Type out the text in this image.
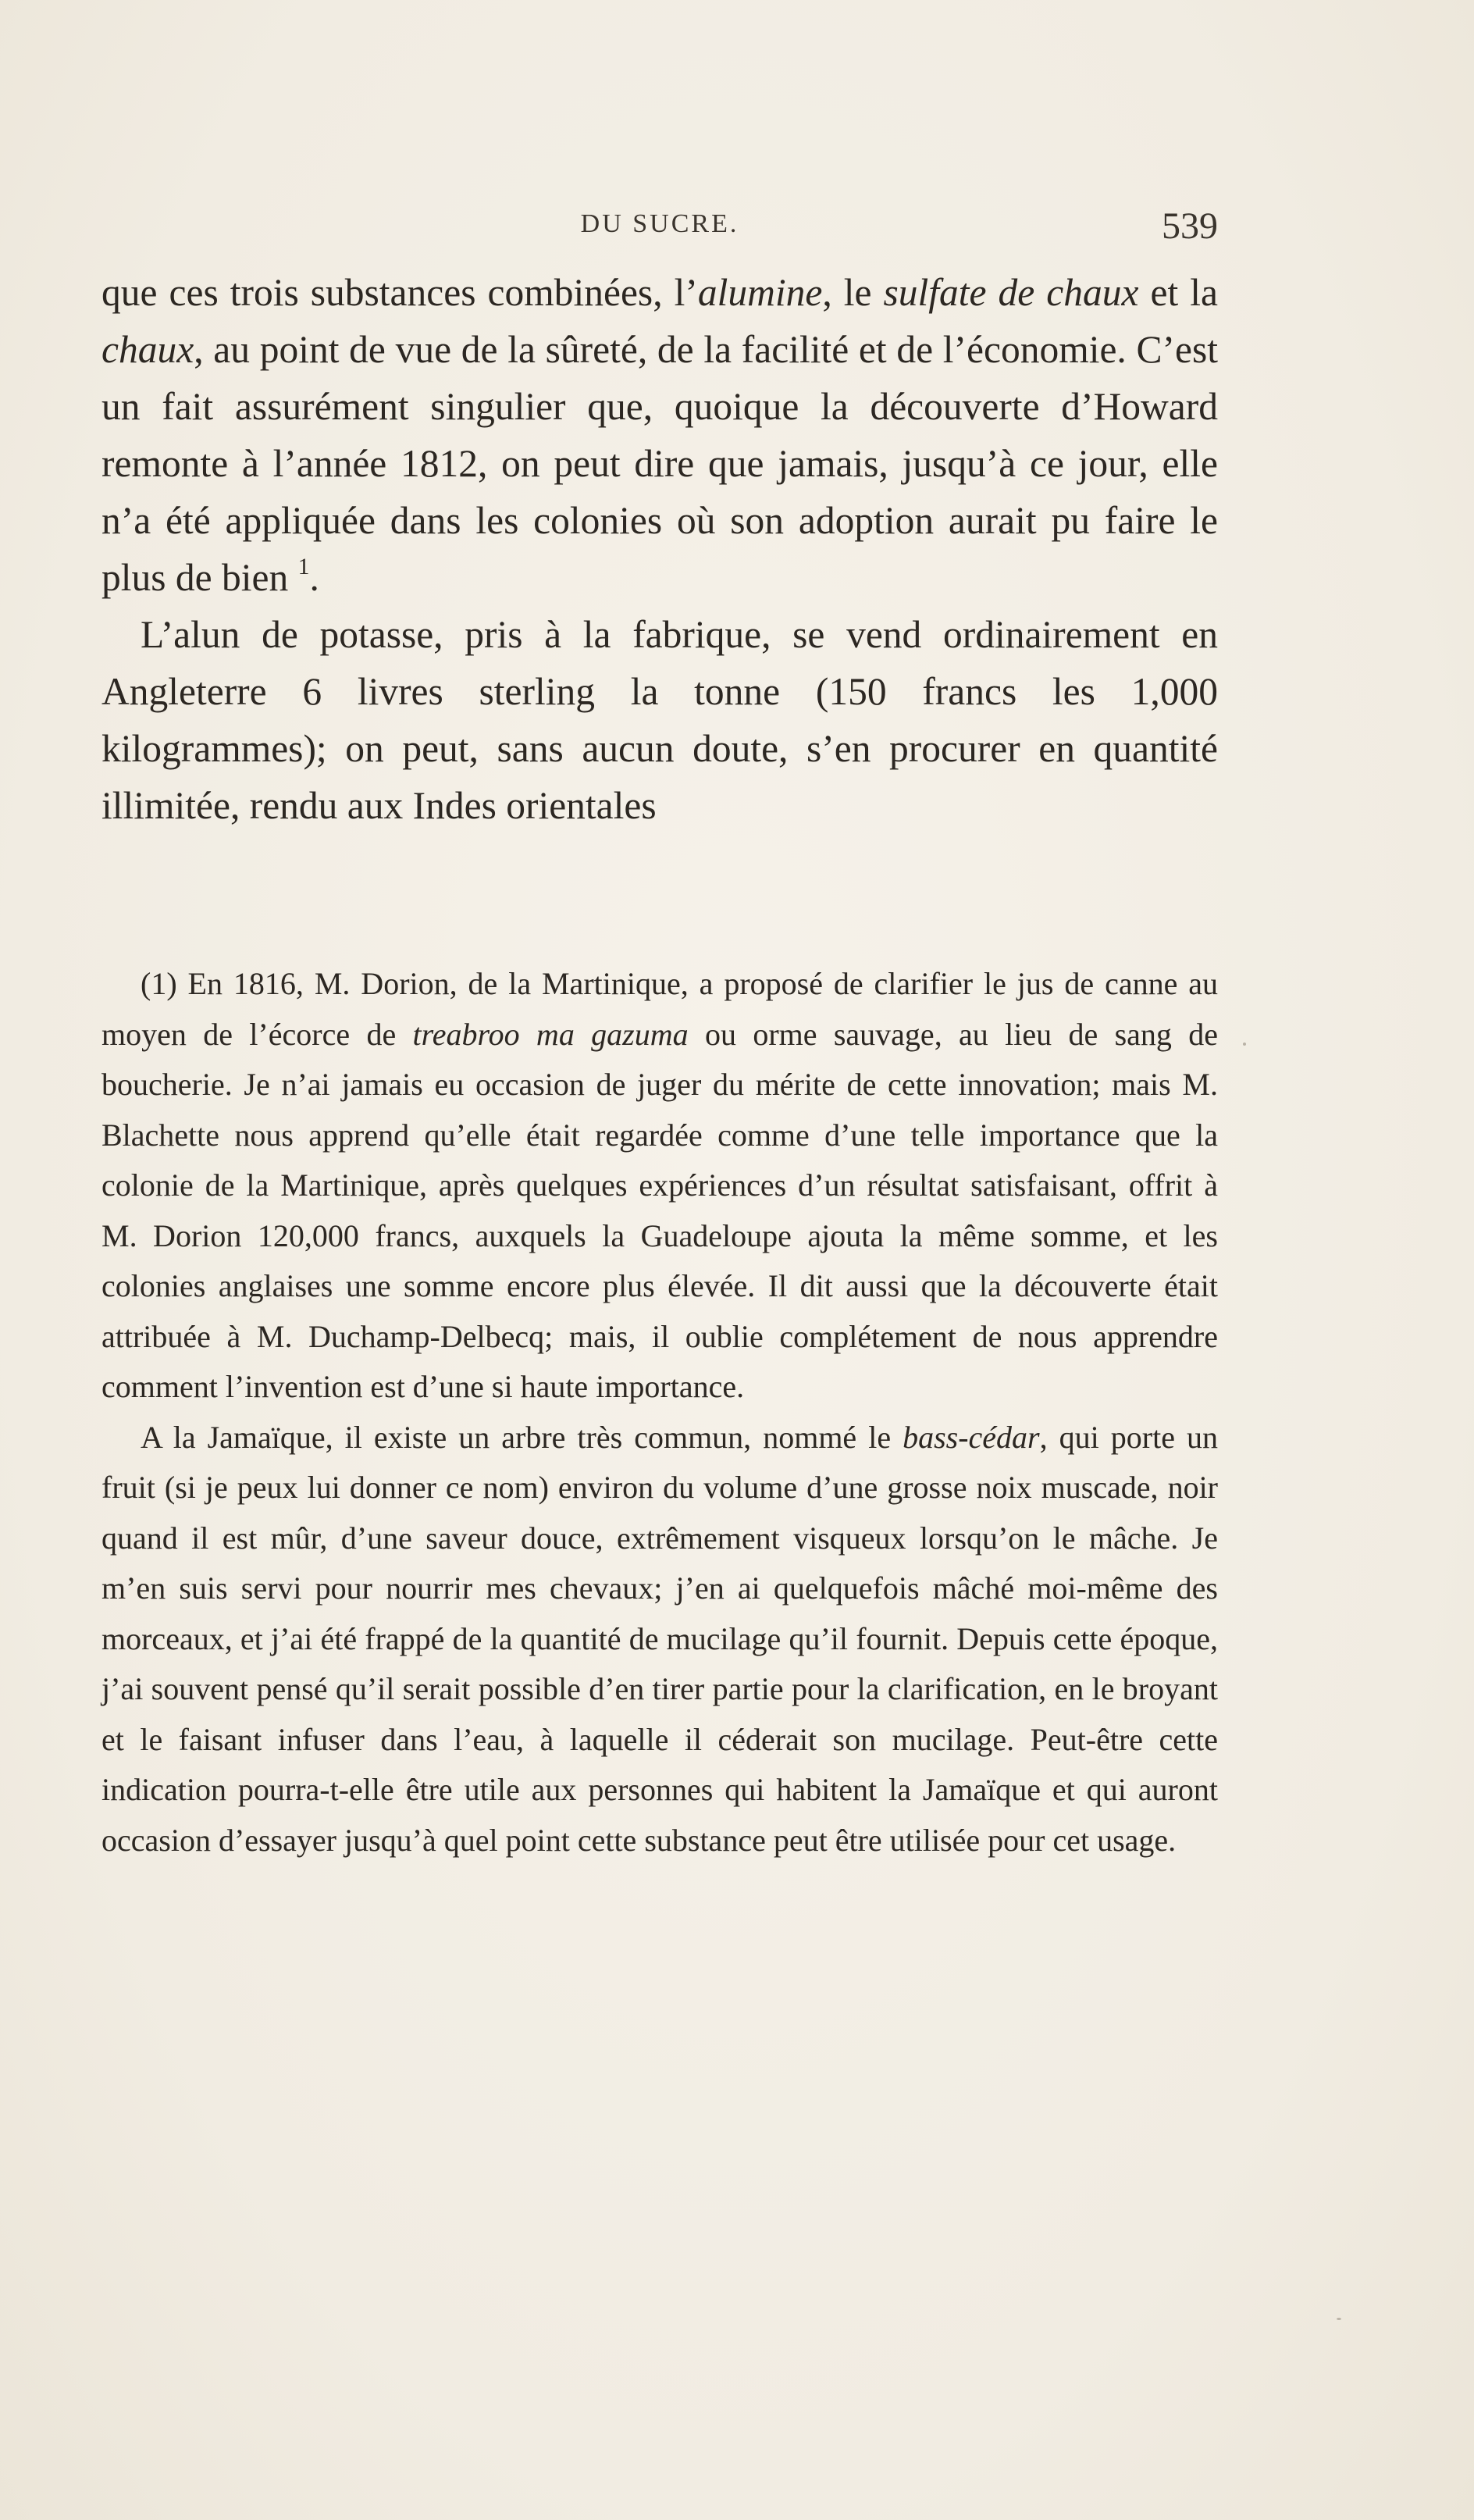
DU SUCRE.	539

que ces trois substances combinées, l’alumine, le sulfate de chaux et la chaux, au point de vue de la sûreté, de la facilité et de l’économie. C’est un fait assurément singulier que, quoique la découverte d’Howard remonte à l’année 1812, on peut dire que jamais, jusqu’à ce jour, elle n’a été appliquée dans les colonies où son adoption aurait pu faire le plus de bien $^1$.

L’alun de potasse, pris à la fabrique, se vend ordinairement en Angleterre 6 livres sterling la tonne (150 francs les 1,000 kilogrammes); on peut, sans aucun doute, s’en procurer en quantité illimitée, rendu aux Indes orientales

(1) En 1816, M. Dorion, de la Martinique, a proposé de clarifier le jus de canne au moyen de l’écorce de treabroo ma gazuma ou orme sauvage, au lieu de sang de boucherie. Je n’ai jamais eu occasion de juger du mérite de cette innovation; mais M. Blachette nous apprend qu’elle était regardée comme d’une telle importance que la colonie de la Martinique, après quelques expériences d’un résultat satisfaisant, offrit à M. Dorion 120,000 francs, auxquels la Guadeloupe ajouta la même somme, et les colonies anglaises une somme encore plus élevée. Il dit aussi que la découverte était attribuée à M. Duchamp-Delbecq; mais, il oublie complétement de nous apprendre comment l’invention est d’une si haute importance.

A la Jamaïque, il existe un arbre très commun, nommé le bass-cédar, qui porte un fruit (si je peux lui donner ce nom) environ du volume d’une grosse noix muscade, noir quand il est mûr, d’une saveur douce, extrêmement visqueux lorsqu’on le mâche. Je m’en suis servi pour nourrir mes chevaux; j’en ai quelquefois mâché moi-même des morceaux, et j’ai été frappé de la quantité de mucilage qu’il fournit. Depuis cette époque, j’ai souvent pensé qu’il serait possible d’en tirer partie pour la clarification, en le broyant et le faisant infuser dans l’eau, à laquelle il céderait son mucilage. Peut-être cette indication pourra-t-elle être utile aux personnes qui habitent la Jamaïque et qui auront occasion d’essayer jusqu’à quel point cette substance peut être utilisée pour cet usage.
